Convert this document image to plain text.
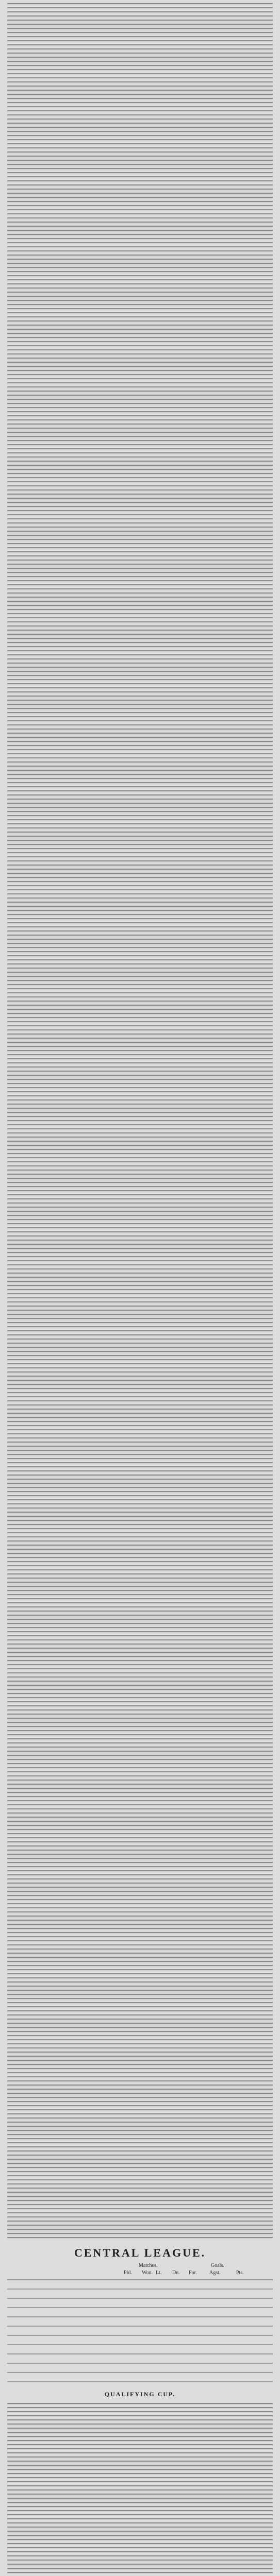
CENTRAL LEAGUE.
Matches.	Goals.
Pld. Won. Lt. Dn. For. Agst.	Pts.
QUALIFYING CUP.
